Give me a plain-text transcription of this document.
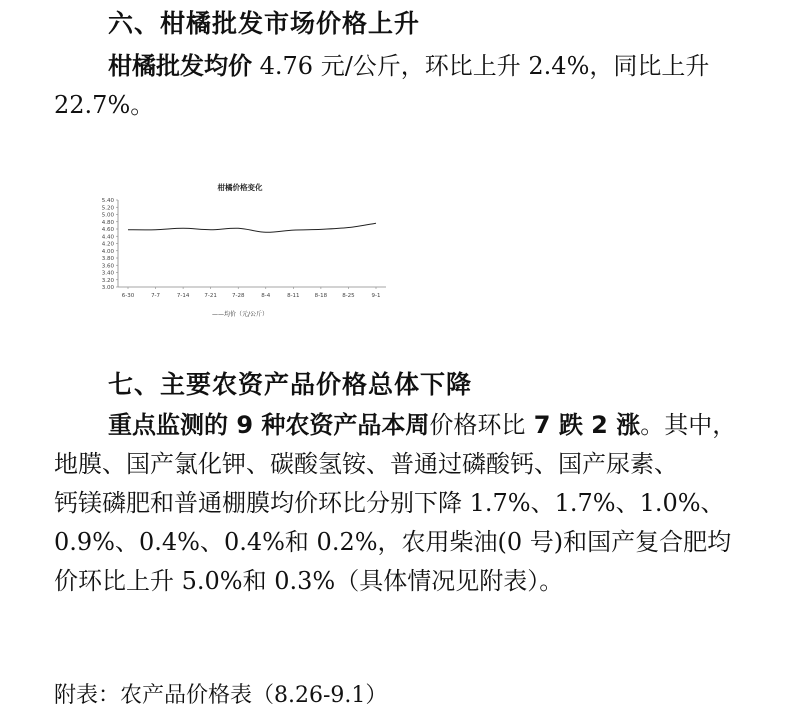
六、柑橘批发市场价格上升
柑橘批发均价 4.76 元/公斤，环比上升 2.4%，同比上升
22.7%。
柑橘价格变化
3.00
3.20
3.40
3.60
3.80
4.00
4.20
4.40
4.60
4.80
5.00
5.20
5.40
6-30	7-7	7-14	7-21	7-28	8-4	8-11	8-18	8-25	9-1
——均价（元/公斤）
七、主要农资产品价格总体下降
重点监测的 9 种农资产品本周价格环比 7 跌 2 涨。其中，
地膜、国产氯化钾、碳酸氢铵、普通过磷酸钙、国产尿素、
钙镁磷肥和普通棚膜均价环比分别下降 1.7%、1.7%、1.0%、
0.9%、0.4%、0.4%和 0.2%，农用柴油(0 号)和国产复合肥均
价环比上升 5.0%和 0.3%（具体情况见附表）。

附表：农产品价格表（8.26-9.1）
